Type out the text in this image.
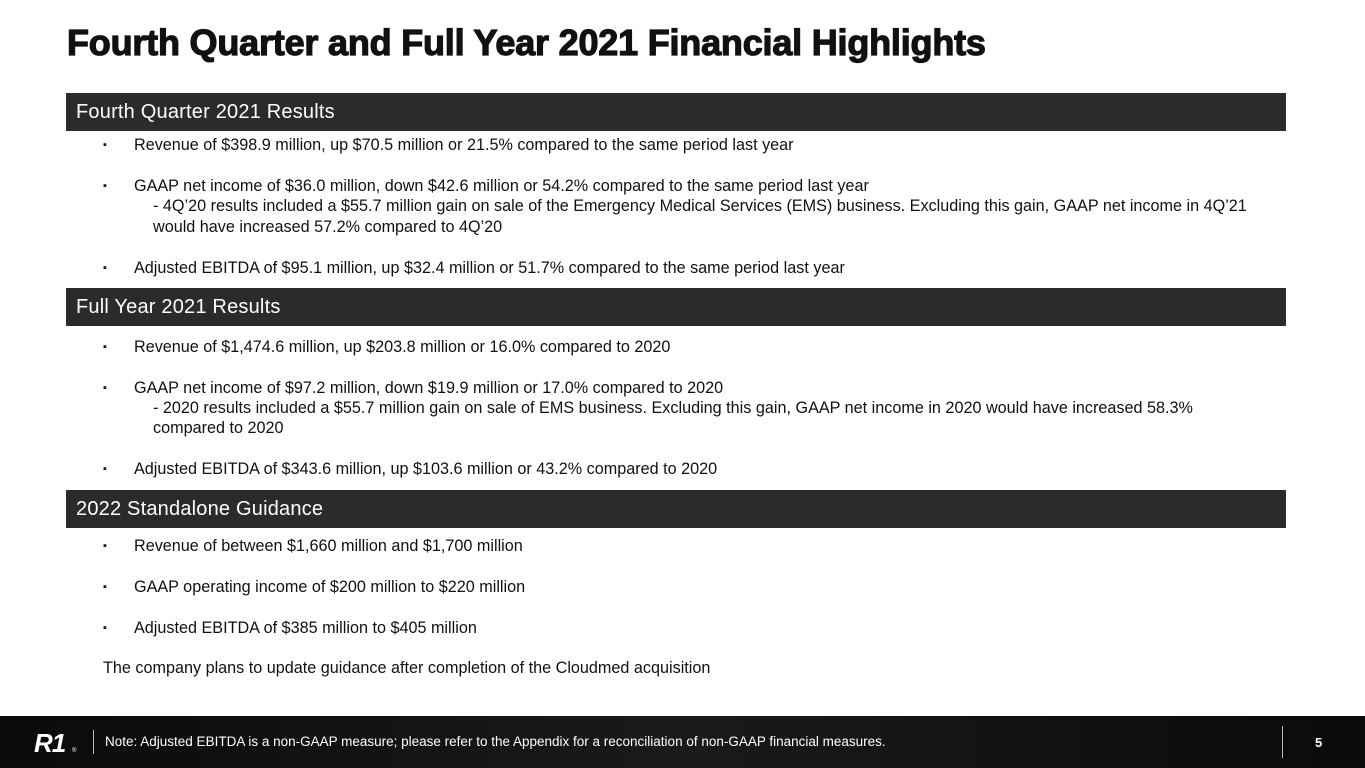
Fourth Quarter and Full Year 2021 Financial Highlights
Fourth Quarter 2021 Results
▪ Revenue of $398.9 million, up $70.5 million or 21.5% compared to the same period last year
▪ GAAP net income of $36.0 million, down $42.6 million or 54.2% compared to the same period last year
- 4Q’20 results included a $55.7 million gain on sale of the Emergency Medical Services (EMS) business. Excluding this gain, GAAP net income in 4Q’21
would have increased 57.2% compared to 4Q’20
▪ Adjusted EBITDA of $95.1 million, up $32.4 million or 51.7% compared to the same period last year
Full Year 2021 Results
▪ Revenue of $1,474.6 million, up $203.8 million or 16.0% compared to 2020
▪ GAAP net income of $97.2 million, down $19.9 million or 17.0% compared to 2020
- 2020 results included a $55.7 million gain on sale of EMS business. Excluding this gain, GAAP net income in 2020 would have increased 58.3%
compared to 2020
▪ Adjusted EBITDA of $343.6 million, up $103.6 million or 43.2% compared to 2020
2022 Standalone Guidance
▪ Revenue of between $1,660 million and $1,700 million
▪ GAAP operating income of $200 million to $220 million
▪ Adjusted EBITDA of $385 million to $405 million
The company plans to update guidance after completion of the Cloudmed acquisition
R1 ®
Note: Adjusted EBITDA is a non-GAAP measure; please refer to the Appendix for a reconciliation of non-GAAP financial measures.	5
